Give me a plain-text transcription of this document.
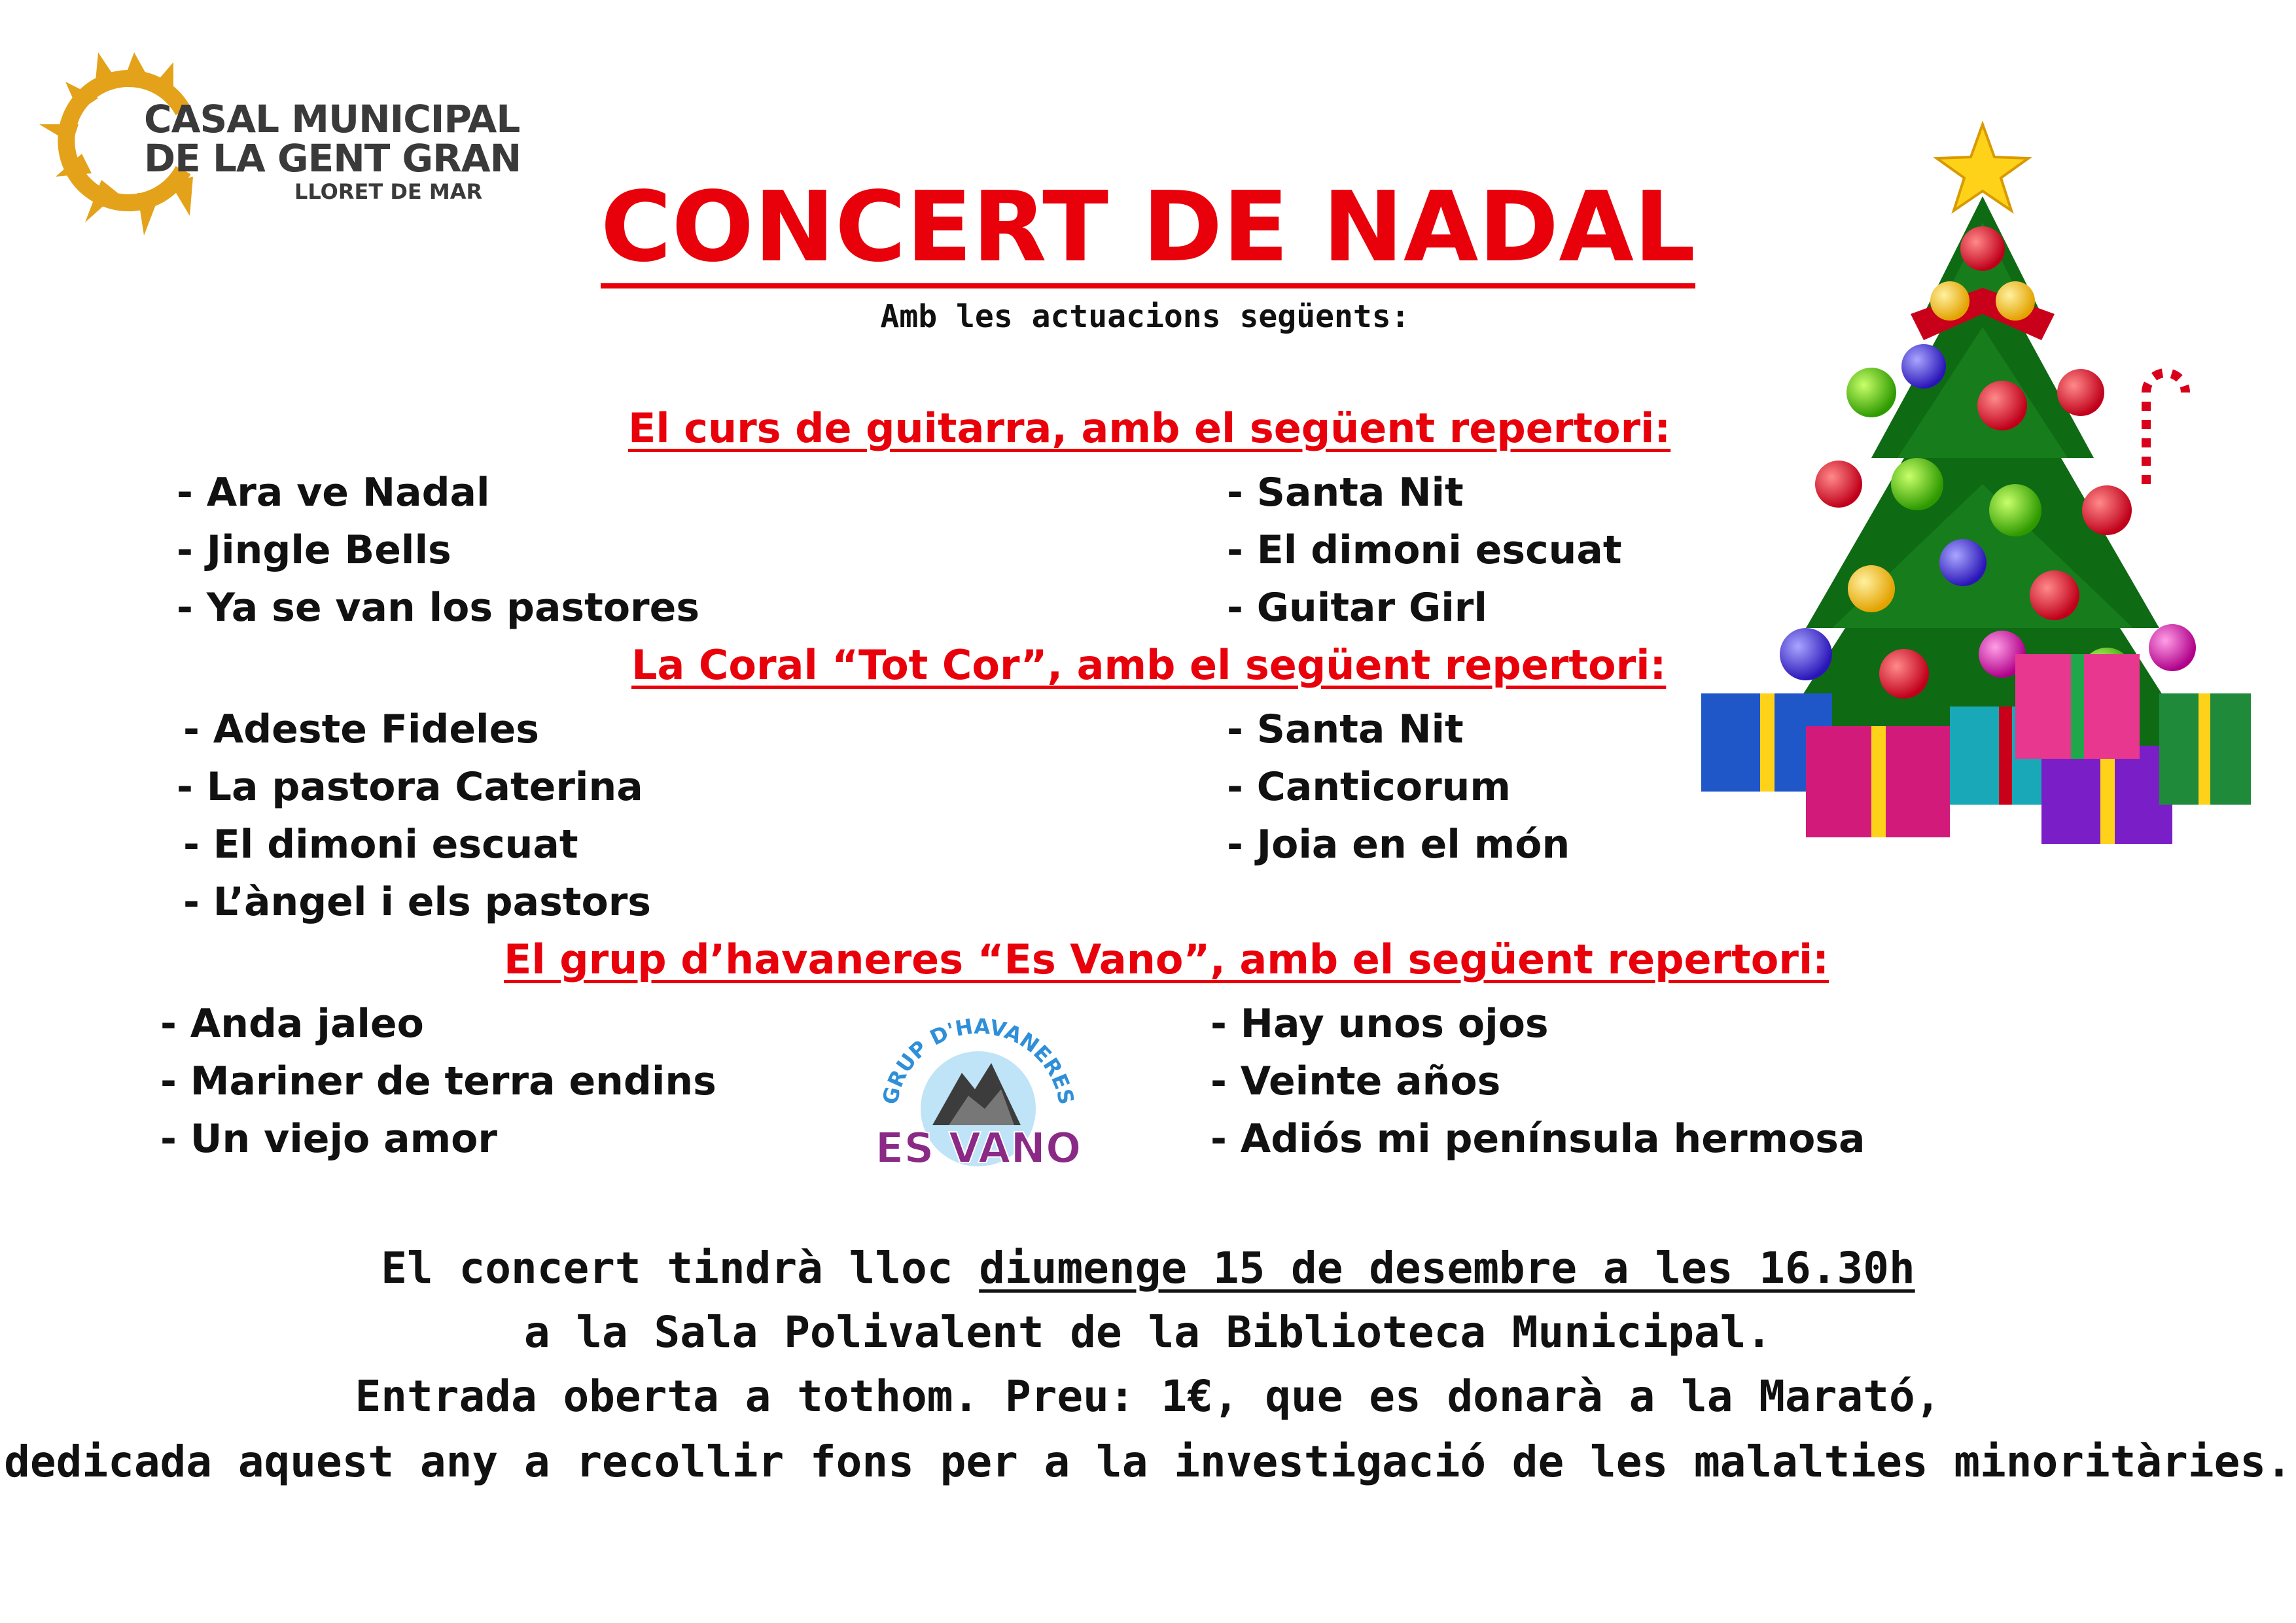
CASAL MUNICIPAL
DE LA GENT GRAN
LLORET DE MAR	CONCERT DE NADAL
Amb les actuacions següents:
El curs de guitarra, amb el següent repertori:
- Ara ve Nadal
- Jingle Bells
- Ya se van los pastores
- Santa Nit
- El dimoni escuat
- Guitar Girl
La Coral “Tot Cor”, amb el següent repertori:
- Adeste Fideles
- La pastora Caterina
- El dimoni escuat
- L’àngel i els pastors
- Santa Nit
- Canticorum
- Joia en el món
El grup d’havaneres “Es Vano”, amb el següent repertori:
- Anda jaleo
- Mariner de terra endins
- Un viejo amor
- Hay unos ojos
- Veinte años
- Adiós mi península hermosa
GRUP D'HAVANERES
ES VANO
El concert tindrà lloc diumenge 15 de desembre a les 16.30h
a la Sala Polivalent de la Biblioteca Municipal.
Entrada oberta a tothom. Preu: 1€, que es donarà a la Marató,
dedicada aquest any a recollir fons per a la investigació de les malalties minoritàries.
